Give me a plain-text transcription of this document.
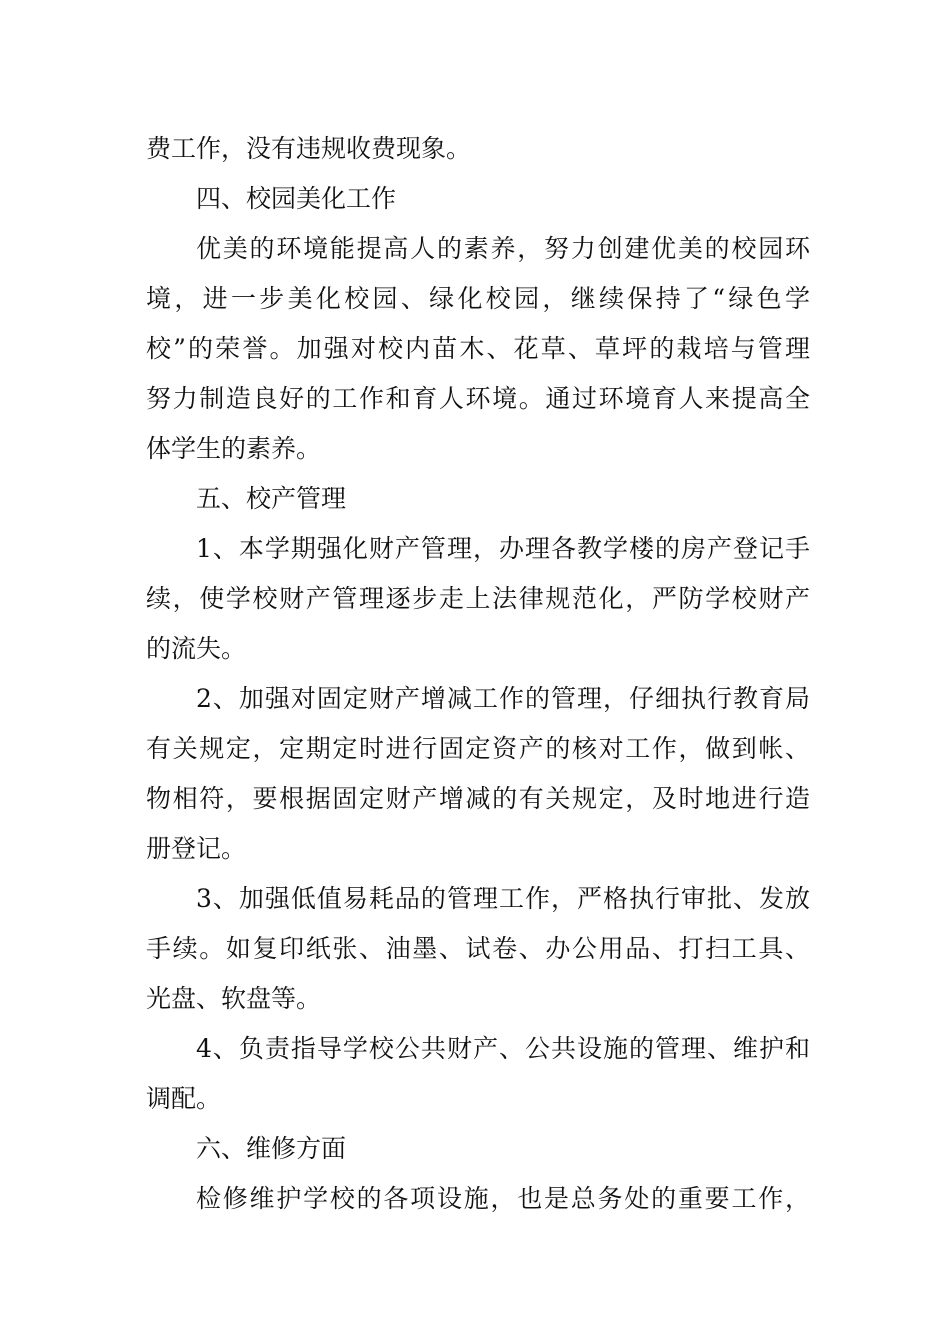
费工作，没有违规收费现象。
四、校园美化工作
优美的环境能提高人的素养，努力创建优美的校园环
境，进一步美化校园、绿化校园，继续保持了“绿色学
校”的荣誉。加强对校内苗木、花草、草坪的栽培与管理
努力制造良好的工作和育人环境。通过环境育人来提高全
体学生的素养。
五、校产管理
1、本学期强化财产管理，办理各教学楼的房产登记手
续，使学校财产管理逐步走上法律规范化，严防学校财产
的流失。
2、加强对固定财产增减工作的管理，仔细执行教育局
有关规定，定期定时进行固定资产的核对工作，做到帐、
物相符，要根据固定财产增减的有关规定，及时地进行造
册登记。
3、加强低值易耗品的管理工作，严格执行审批、发放
手续。如复印纸张、油墨、试卷、办公用品、打扫工具、
光盘、软盘等。
4、负责指导学校公共财产、公共设施的管理、维护和
调配。
六、维修方面
检修维护学校的各项设施，也是总务处的重要工作，
